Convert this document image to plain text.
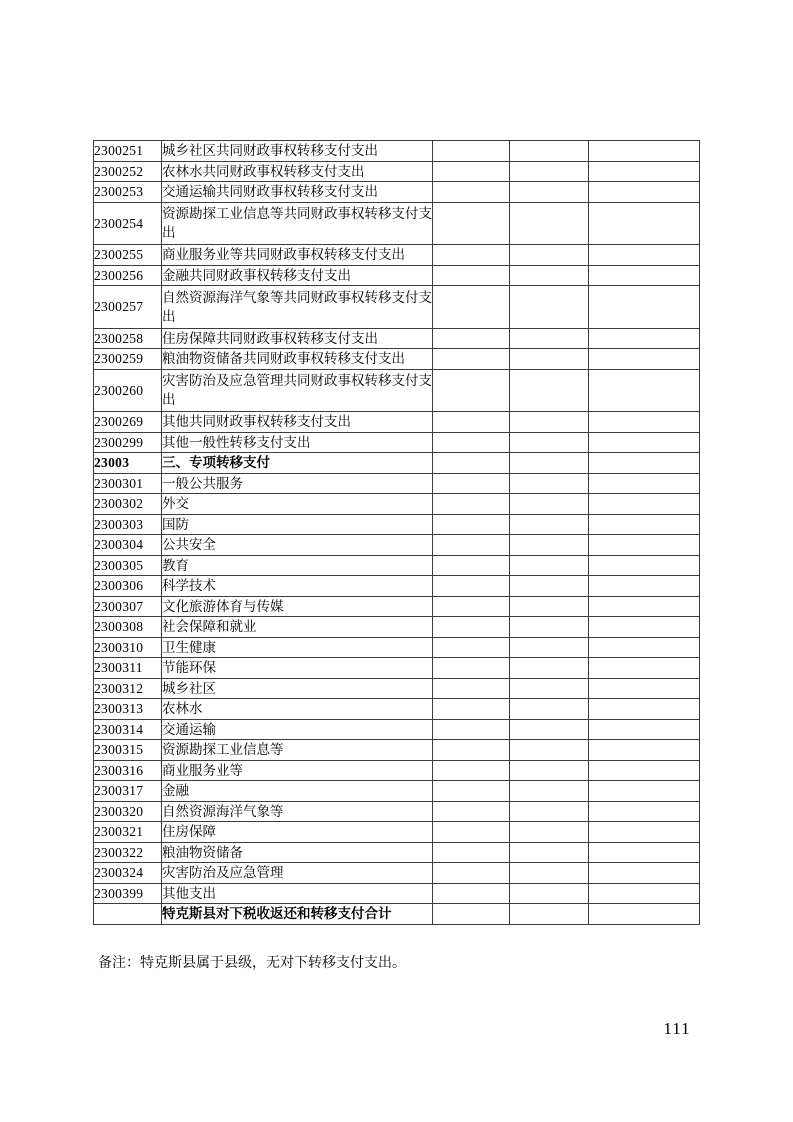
2300251	城乡社区共同财政事权转移支付支出			
2300252	农林水共同财政事权转移支付支出			
2300253	交通运输共同财政事权转移支付支出			
2300254	资源勘探工业信息等共同财政事权转移支付支出			
2300255	商业服务业等共同财政事权转移支付支出			
2300256	金融共同财政事权转移支付支出			
2300257	自然资源海洋气象等共同财政事权转移支付支出			
2300258	住房保障共同财政事权转移支付支出			
2300259	粮油物资储备共同财政事权转移支付支出			
2300260	灾害防治及应急管理共同财政事权转移支付支出			
2300269	其他共同财政事权转移支付支出			
2300299	其他一般性转移支付支出			
23003	三、专项转移支付			
2300301	一般公共服务			
2300302	外交			
2300303	国防			
2300304	公共安全			
2300305	教育			
2300306	科学技术			
2300307	文化旅游体育与传媒			
2300308	社会保障和就业			
2300310	卫生健康			
2300311	节能环保			
2300312	城乡社区			
2300313	农林水			
2300314	交通运输			
2300315	资源勘探工业信息等			
2300316	商业服务业等			
2300317	金融			
2300320	自然资源海洋气象等			
2300321	住房保障			
2300322	粮油物资储备			
2300324	灾害防治及应急管理			
2300399	其他支出			
	特克斯县对下税收返还和转移支付合计			
备注：特克斯县属于县级，无对下转移支付支出。
111
